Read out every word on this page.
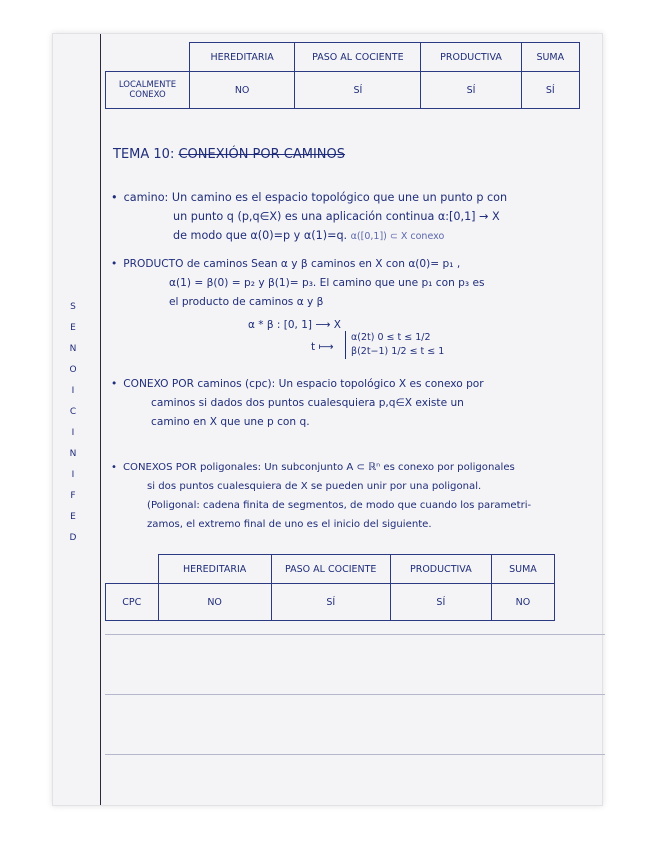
S
E
N
O
I
C
I
N
I
F
E
D
	HEREDITARIA	PASO AL COCIENTE	PRODUCTIVA	SUMA
LOCALMENTE CONEXO	NO	SÍ	SÍ	SÍ
TEMA 10: CONEXIÓN POR CAMINOS
• camino: Un camino es el espacio topológico que une un punto p con
un punto q (p,q∈X) es una aplicación continua α:[0,1] → X
de modo que α(0)=p y α(1)=q. α([0,1]) ⊂ X conexo
• PRODUCTO de caminos Sean α y β caminos en X con α(0)= p₁ ,
α(1) = β(0) = p₂ y β(1)= p₃. El camino que une p₁ con p₃ es
el producto de caminos α y β
α * β : [0, 1] ⟶ X
t ⟼
α(2t) 0 ≤ t ≤ 1/2
β(2t−1) 1/2 ≤ t ≤ 1
• CONEXO POR caminos (cpc): Un espacio topológico X es conexo por
caminos si dados dos puntos cualesquiera p,q∈X existe un
camino en X que une p con q.
• CONEXOS POR poligonales: Un subconjunto A ⊂ ℝⁿ es conexo por poligonales
si dos puntos cualesquiera de X se pueden unir por una poligonal.
(Poligonal: cadena finita de segmentos, de modo que cuando los parametri-
zamos, el extremo final de uno es el inicio del siguiente.
	HEREDITARIA	PASO AL COCIENTE	PRODUCTIVA	SUMA
CPC	NO	SÍ	SÍ	NO
